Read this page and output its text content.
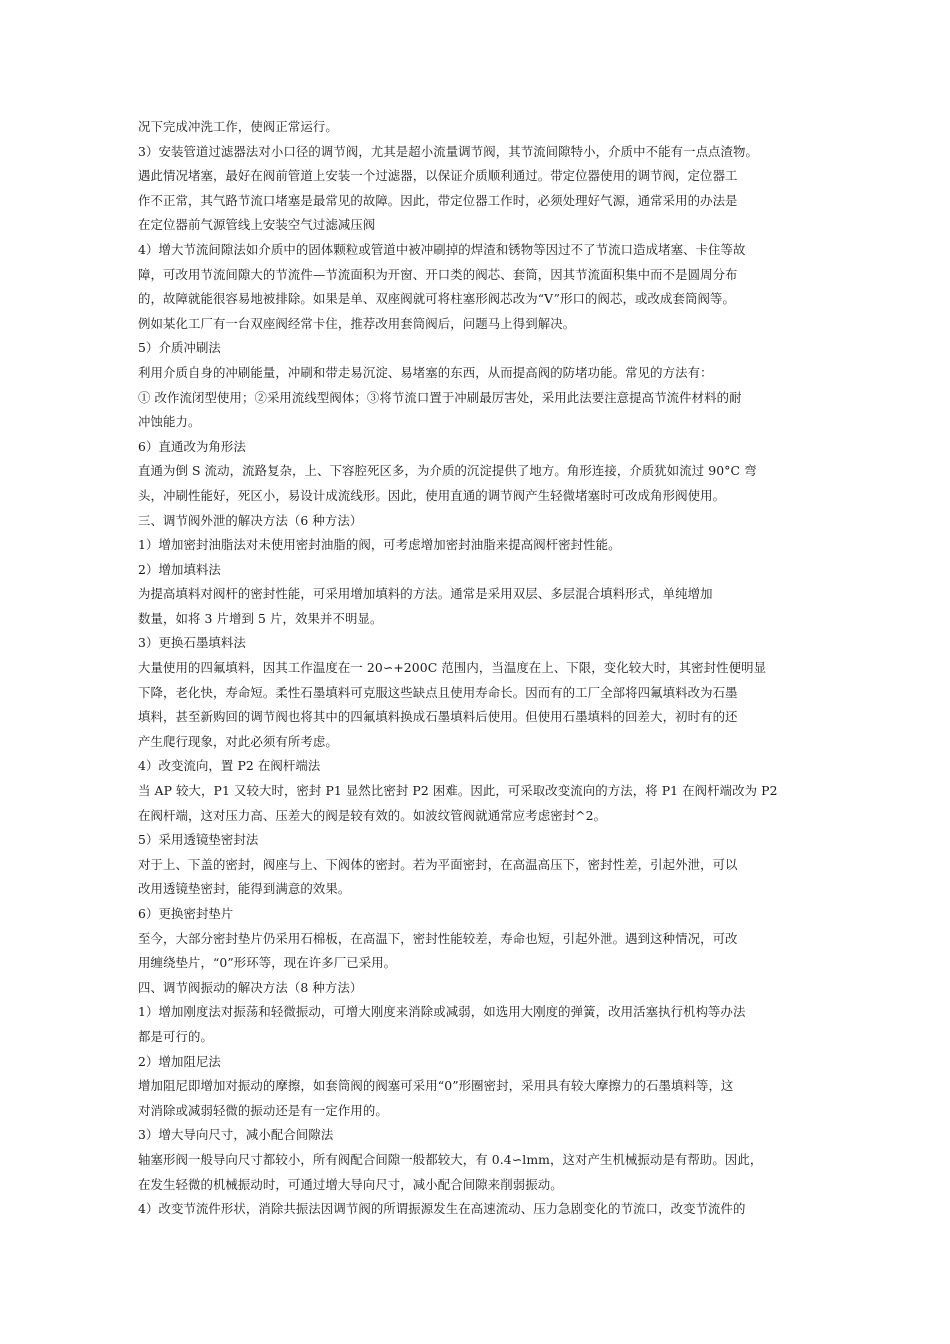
况下完成冲洗工作，使阀正常运行。
3）安装管道过滤器法对小口径的调节阀，尤其是超小流量调节阀，其节流间隙特小，介质中不能有一点点渣物。
遇此情况堵塞，最好在阀前管道上安装一个过滤器，以保证介质顺利通过。带定位器使用的调节阀，定位器工
作不正常，其气路节流口堵塞是最常见的故障。因此，带定位器工作时，必须处理好气源，通常采用的办法是
在定位器前气源管线上安装空气过滤减压阀
4）增大节流间隙法如介质中的固体颗粒或管道中被冲刷掉的焊渣和锈物等因过不了节流口造成堵塞、卡住等故
障，可改用节流间隙大的节流件—节流面积为开窗、开口类的阀芯、套筒，因其节流面积集中而不是圆周分布
的，故障就能很容易地被排除。如果是单、双座阀就可将柱塞形阀芯改为“V”形口的阀芯，或改成套筒阀等。
例如某化工厂有一台双座阀经常卡住，推荐改用套筒阀后，问题马上得到解决。
5）介质冲刷法
利用介质自身的冲刷能量，冲刷和带走易沉淀、易堵塞的东西，从而提高阀的防堵功能。常见的方法有：
① 改作流闭型使用；②采用流线型阀体；③将节流口置于冲刷最厉害处，采用此法要注意提高节流件材料的耐
冲蚀能力。
6）直通改为角形法
直通为倒 S 流动，流路复杂，上、下容腔死区多，为介质的沉淀提供了地方。角形连接，介质犹如流过 90°C 弯
头，冲刷性能好，死区小，易设计成流线形。因此，使用直通的调节阀产生轻微堵塞时可改成角形阀使用。
三、调节阀外泄的解决方法（6 种方法）
1）增加密封油脂法对未使用密封油脂的阀，可考虑增加密封油脂来提高阀杆密封性能。
2）增加填料法
为提高填料对阀杆的密封性能，可采用增加填料的方法。通常是采用双层、多层混合填料形式，单纯增加
数量，如将 3 片增到 5 片，效果并不明显。
3）更换石墨填料法
大量使用的四氟填料，因其工作温度在一 20∽+200C 范围内，当温度在上、下限，变化较大时，其密封性便明显
下降，老化快，寿命短。柔性石墨填料可克服这些缺点且使用寿命长。因而有的工厂全部将四氟填料改为石墨
填料，甚至新购回的调节阀也将其中的四氟填料换成石墨填料后使用。但使用石墨填料的回差大，初时有的还
产生爬行现象，对此必须有所考虑。
4）改变流向，置 P2 在阀杆端法
当 AP 较大，P1 又较大时，密封 P1 显然比密封 P2 困难。因此，可采取改变流向的方法，将 P1 在阀杆端改为 P2
在阀杆端，这对压力高、压差大的阀是较有效的。如波纹管阀就通常应考虑密封^2。
5）采用透镜垫密封法
对于上、下盖的密封，阀座与上、下阀体的密封。若为平面密封，在高温高压下，密封性差，引起外泄，可以
改用透镜垫密封，能得到满意的效果。
6）更换密封垫片
至今，大部分密封垫片仍采用石棉板，在高温下，密封性能较差，寿命也短，引起外泄。遇到这种情况，可改
用缠绕垫片，“0”形环等，现在许多厂已采用。
四、调节阀振动的解决方法（8 种方法）
1）增加刚度法对振荡和轻微振动，可增大刚度来消除或减弱，如选用大刚度的弹簧，改用活塞执行机构等办法
都是可行的。
2）增加阻尼法
增加阻尼即增加对振动的摩擦，如套筒阀的阀塞可采用“0”形圈密封，采用具有较大摩擦力的石墨填料等，这
对消除或减弱轻微的振动还是有一定作用的。
3）增大导向尺寸，减小配合间隙法
轴塞形阀一般导向尺寸都较小，所有阀配合间隙一般都较大，有 0.4∽lmm，这对产生机械振动是有帮助。因此，
在发生轻微的机械振动时，可通过增大导向尺寸，减小配合间隙来削弱振动。
4）改变节流件形状，消除共振法因调节阀的所谓振源发生在高速流动、压力急剧变化的节流口，改变节流件的
